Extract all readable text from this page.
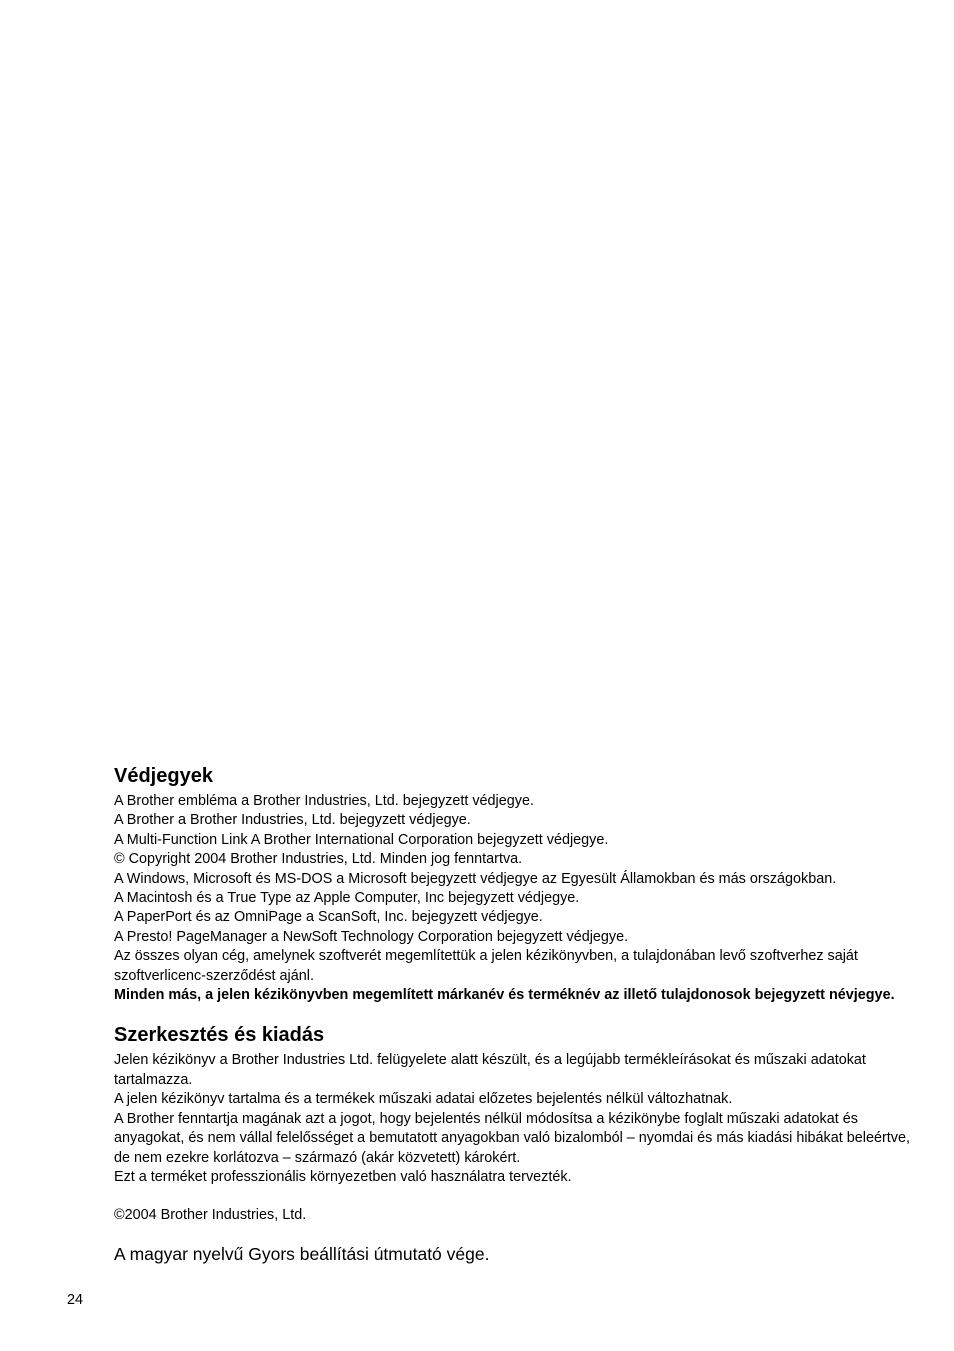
Védjegyek

A Brother embléma a Brother Industries, Ltd. bejegyzett védjegye.

A Brother a Brother Industries, Ltd. bejegyzett védjegye.

A Multi-Function Link A Brother International Corporation bejegyzett védjegye.

© Copyright 2004 Brother Industries, Ltd. Minden jog fenntartva.

A Windows, Microsoft és MS-DOS a Microsoft bejegyzett védjegye az Egyesült Államokban és más országokban.

A Macintosh és a True Type az Apple Computer, Inc bejegyzett védjegye.

A PaperPort és az OmniPage a ScanSoft, Inc. bejegyzett védjegye.

A Presto! PageManager a NewSoft Technology Corporation bejegyzett védjegye.

Az összes olyan cég, amelynek szoftverét megemlítettük a jelen kézikönyvben, a tulajdonában levő szoftverhez saját szoftverlicenc-szerződést ajánl.

Minden más, a jelen kézikönyvben megemlített márkanév és terméknév az illető tulajdonosok bejegyzett névjegye.

Szerkesztés és kiadás

Jelen kézikönyv a Brother Industries Ltd. felügyelete alatt készült, és a legújabb termékleírásokat és műszaki adatokat tartalmazza.

A jelen kézikönyv tartalma és a termékek műszaki adatai előzetes bejelentés nélkül változhatnak.

A Brother fenntartja magának azt a jogot, hogy bejelentés nélkül módosítsa a kézikönybe foglalt műszaki adatokat és anyagokat, és nem vállal felelősséget a bemutatott anyagokban való bizalomból – nyomdai és más kiadási hibákat beleértve, de nem ezekre korlátozva – származó (akár közvetett) károkért.

Ezt a terméket professzionális környezetben való használatra tervezték.

©2004 Brother Industries, Ltd.

A magyar nyelvű Gyors beállítási útmutató vége.

24
